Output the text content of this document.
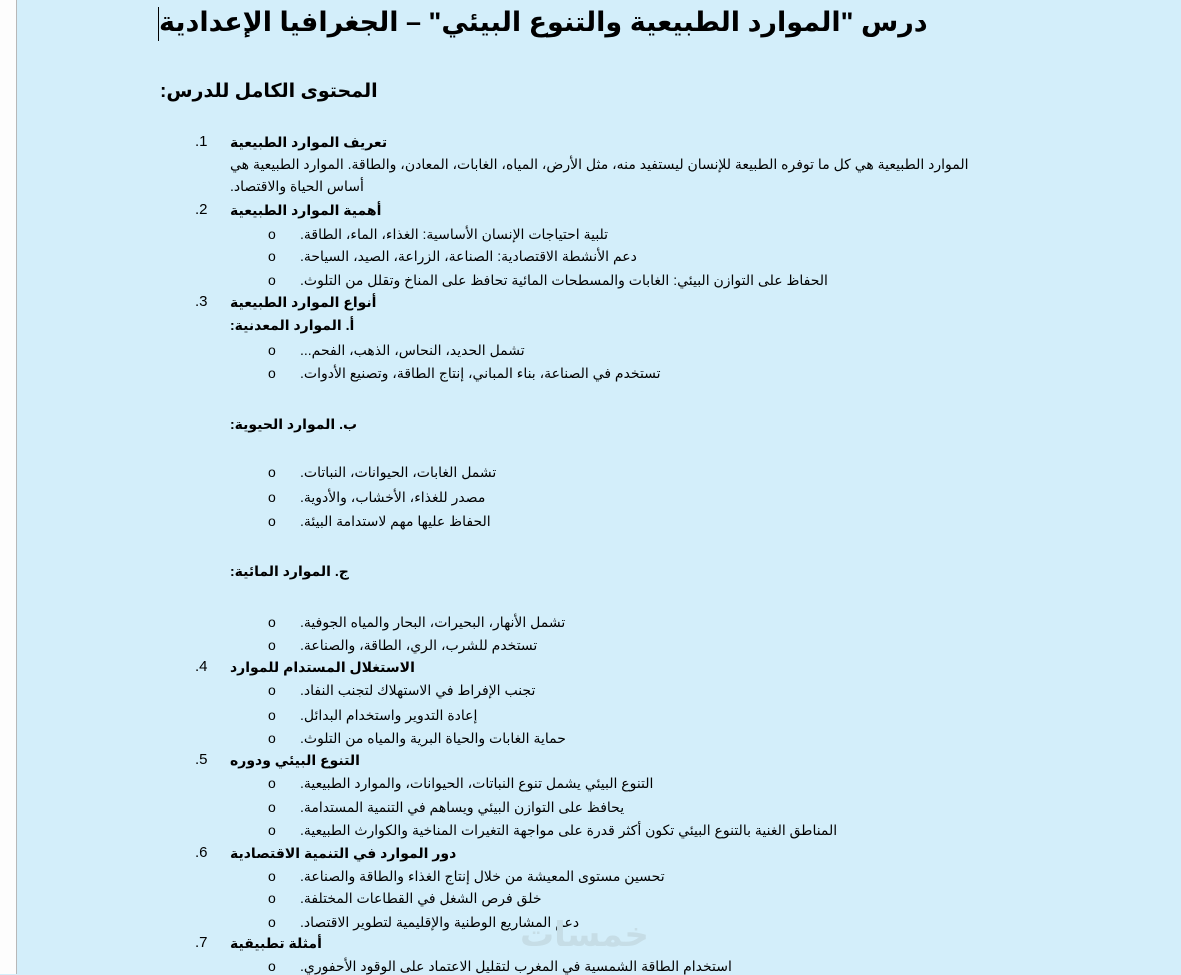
درس "الموارد الطبيعية والتنوع البيئي" – الجغرافيا الإعدادية
المحتوى الكامل للدرس:
1. تعريف الموارد الطبيعية
الموارد الطبيعية هي كل ما توفره الطبيعة للإنسان ليستفيد منه، مثل الأرض، المياه، الغابات، المعادن، والطاقة. الموارد الطبيعية هي
أساس الحياة والاقتصاد.
2. أهمية الموارد الطبيعية
o تلبية احتياجات الإنسان الأساسية: الغذاء، الماء، الطاقة.
o دعم الأنشطة الاقتصادية: الصناعة، الزراعة، الصيد، السياحة.
o الحفاظ على التوازن البيئي: الغابات والمسطحات المائية تحافظ على المناخ وتقلل من التلوث.
3. أنواع الموارد الطبيعية
أ. الموارد المعدنية:
o تشمل الحديد، النحاس، الذهب، الفحم...
o تستخدم في الصناعة، بناء المباني، إنتاج الطاقة، وتصنيع الأدوات.
ب. الموارد الحيوية:
o تشمل الغابات، الحيوانات، النباتات.
o مصدر للغذاء، الأخشاب، والأدوية.
o الحفاظ عليها مهم لاستدامة البيئة.
ج. الموارد المائية:
o تشمل الأنهار، البحيرات، البحار والمياه الجوفية.
o تستخدم للشرب، الري، الطاقة، والصناعة.
4. الاستغلال المستدام للموارد
o تجنب الإفراط في الاستهلاك لتجنب النفاد.
o إعادة التدوير واستخدام البدائل.
o حماية الغابات والحياة البرية والمياه من التلوث.
5. التنوع البيئي ودوره
o التنوع البيئي يشمل تنوع النباتات، الحيوانات، والموارد الطبيعية.
o يحافظ على التوازن البيئي ويساهم في التنمية المستدامة.
o المناطق الغنية بالتنوع البيئي تكون أكثر قدرة على مواجهة التغيرات المناخية والكوارث الطبيعية.
6. دور الموارد في التنمية الاقتصادية
o تحسين مستوى المعيشة من خلال إنتاج الغذاء والطاقة والصناعة.
o خلق فرص الشغل في القطاعات المختلفة.
o دعم المشاريع الوطنية والإقليمية لتطوير الاقتصاد.
7. أمثلة تطبيقية
o استخدام الطاقة الشمسية في المغرب لتقليل الاعتماد على الوقود الأحفوري.
خمسات
